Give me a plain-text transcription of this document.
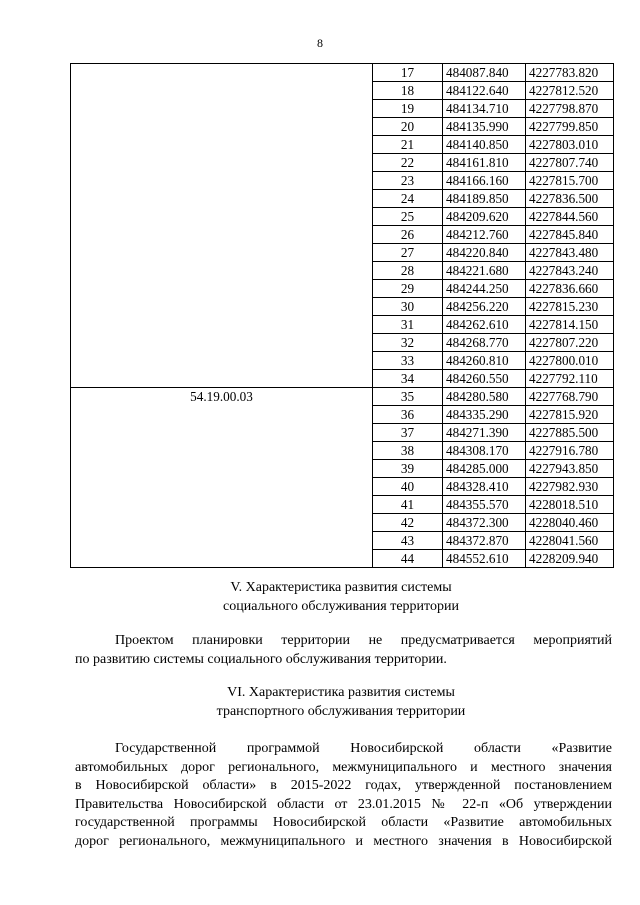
8
	17	484087.840	4227783.820
	18	484122.640	4227812.520
	19	484134.710	4227798.870
	20	484135.990	4227799.850
	21	484140.850	4227803.010
	22	484161.810	4227807.740
	23	484166.160	4227815.700
	24	484189.850	4227836.500
	25	484209.620	4227844.560
	26	484212.760	4227845.840
	27	484220.840	4227843.480
	28	484221.680	4227843.240
	29	484244.250	4227836.660
	30	484256.220	4227815.230
	31	484262.610	4227814.150
	32	484268.770	4227807.220
	33	484260.810	4227800.010
	34	484260.550	4227792.110
54.19.00.03	35	484280.580	4227768.790
	36	484335.290	4227815.920
	37	484271.390	4227885.500
	38	484308.170	4227916.780
	39	484285.000	4227943.850
	40	484328.410	4227982.930
	41	484355.570	4228018.510
	42	484372.300	4228040.460
	43	484372.870	4228041.560
	44	484552.610	4228209.940
V. Характеристика развития системы
социального обслуживания территории
Проектом планировки территории не предусматривается мероприятий
по развитию системы социального обслуживания территории.
VI. Характеристика развития системы
транспортного обслуживания территории
Государственной программой Новосибирской области «Развитие
автомобильных дорог регионального, межмуниципального и местного значения
в Новосибирской области» в 2015-2022 годах, утвержденной постановлением
Правительства Новосибирской области от 23.01.2015 № 22-п «Об утверждении
государственной программы Новосибирской области «Развитие автомобильных
дорог регионального, межмуниципального и местного значения в Новосибирской
